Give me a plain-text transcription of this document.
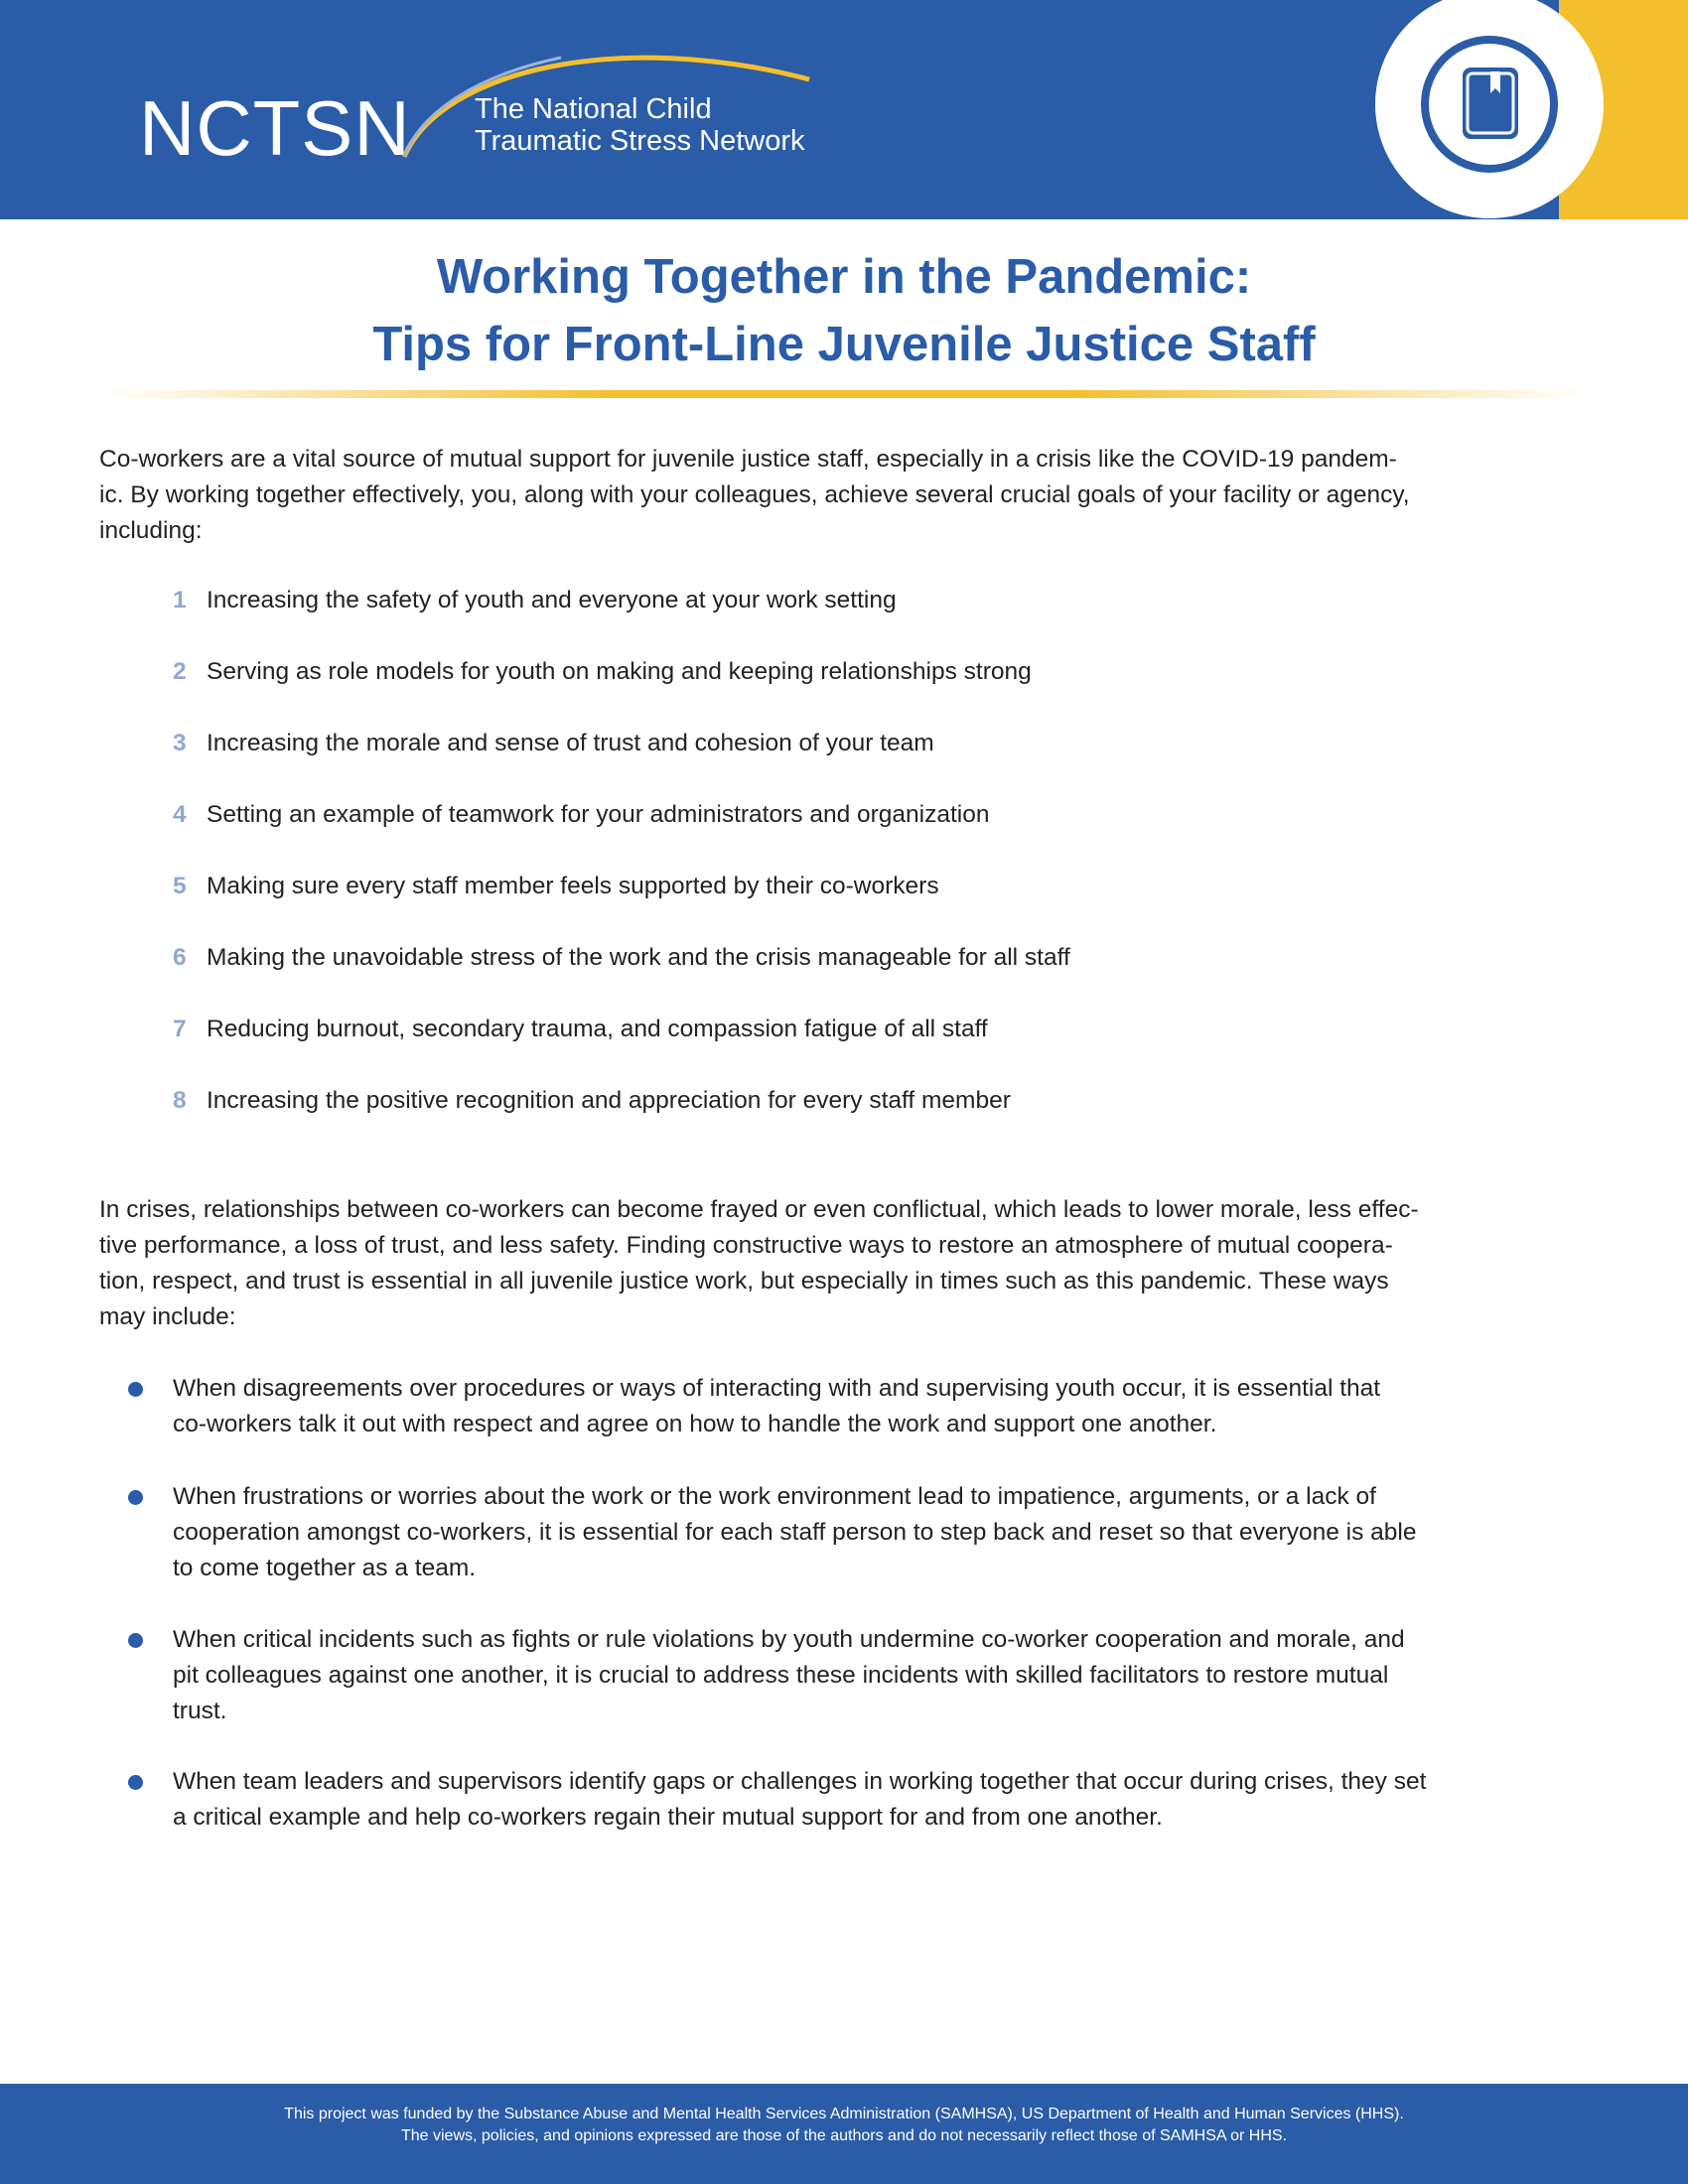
NCTSN The National Child
Traumatic Stress Network
Working Together in the Pandemic:
Tips for Front-Line Juvenile Justice Staff
Co-workers are a vital source of mutual support for juvenile justice staff, especially in a crisis like the COVID-19 pandem-
ic. By working together effectively, you, along with your colleagues, achieve several crucial goals of your facility or agency,
including:
1 Increasing the safety of youth and everyone at your work setting
2 Serving as role models for youth on making and keeping relationships strong
3 Increasing the morale and sense of trust and cohesion of your team
4 Setting an example of teamwork for your administrators and organization
5 Making sure every staff member feels supported by their co-workers
6 Making the unavoidable stress of the work and the crisis manageable for all staff
7 Reducing burnout, secondary trauma, and compassion fatigue of all staff
8 Increasing the positive recognition and appreciation for every staff member
In crises, relationships between co-workers can become frayed or even conflictual, which leads to lower morale, less effec-
tive performance, a loss of trust, and less safety. Finding constructive ways to restore an atmosphere of mutual coopera-
tion, respect, and trust is essential in all juvenile justice work, but especially in times such as this pandemic. These ways
may include:
When disagreements over procedures or ways of interacting with and supervising youth occur, it is essential that
co-workers talk it out with respect and agree on how to handle the work and support one another.
When frustrations or worries about the work or the work environment lead to impatience, arguments, or a lack of
cooperation amongst co-workers, it is essential for each staff person to step back and reset so that everyone is able
to come together as a team.
When critical incidents such as fights or rule violations by youth undermine co-worker cooperation and morale, and
pit colleagues against one another, it is crucial to address these incidents with skilled facilitators to restore mutual
trust.
When team leaders and supervisors identify gaps or challenges in working together that occur during crises, they set
a critical example and help co-workers regain their mutual support for and from one another.
This project was funded by the Substance Abuse and Mental Health Services Administration (SAMHSA), US Department of Health and Human Services (HHS).
The views, policies, and opinions expressed are those of the authors and do not necessarily reflect those of SAMHSA or HHS.
